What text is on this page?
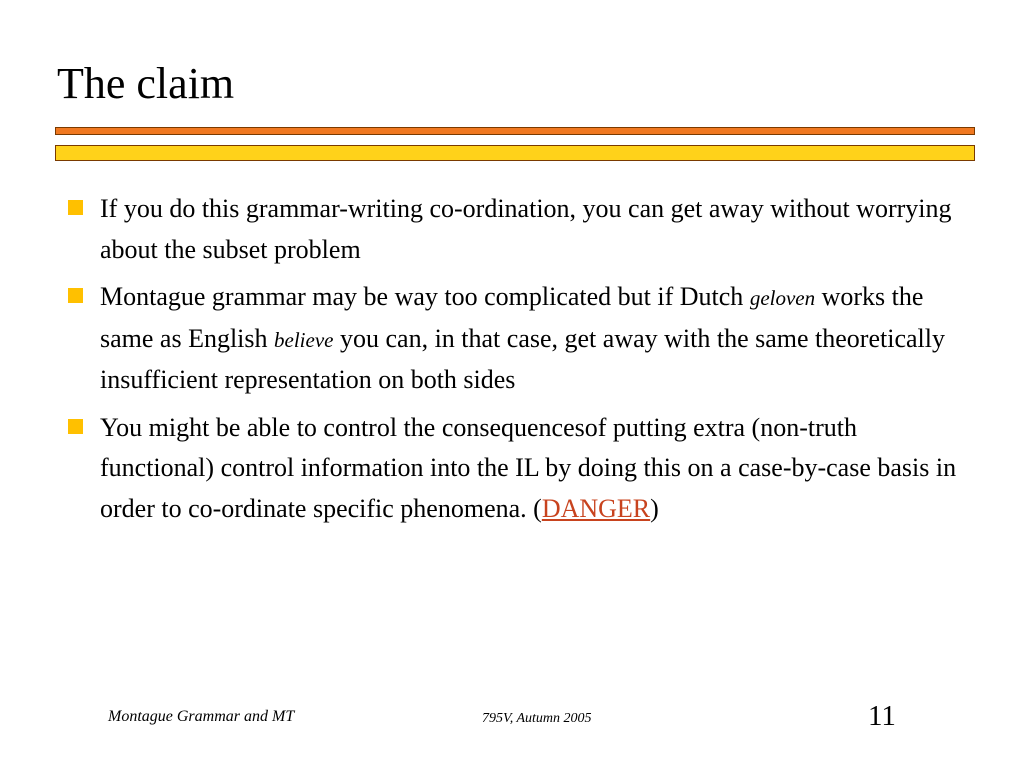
The claim
If you do this grammar-writing co-ordination, you can get away without worrying about the subset problem
Montague grammar may be way too complicated but if Dutch geloven works the same as English believe you can, in that case, get away with the same theoretically insufficient representation on both sides
You might be able to control the consequencesof putting extra (non-truth functional) control information into the IL by doing this on a case-by-case basis in order to co-ordinate specific phenomena. (DANGER)
Montague Grammar and MT	795V, Autumn 2005	11
